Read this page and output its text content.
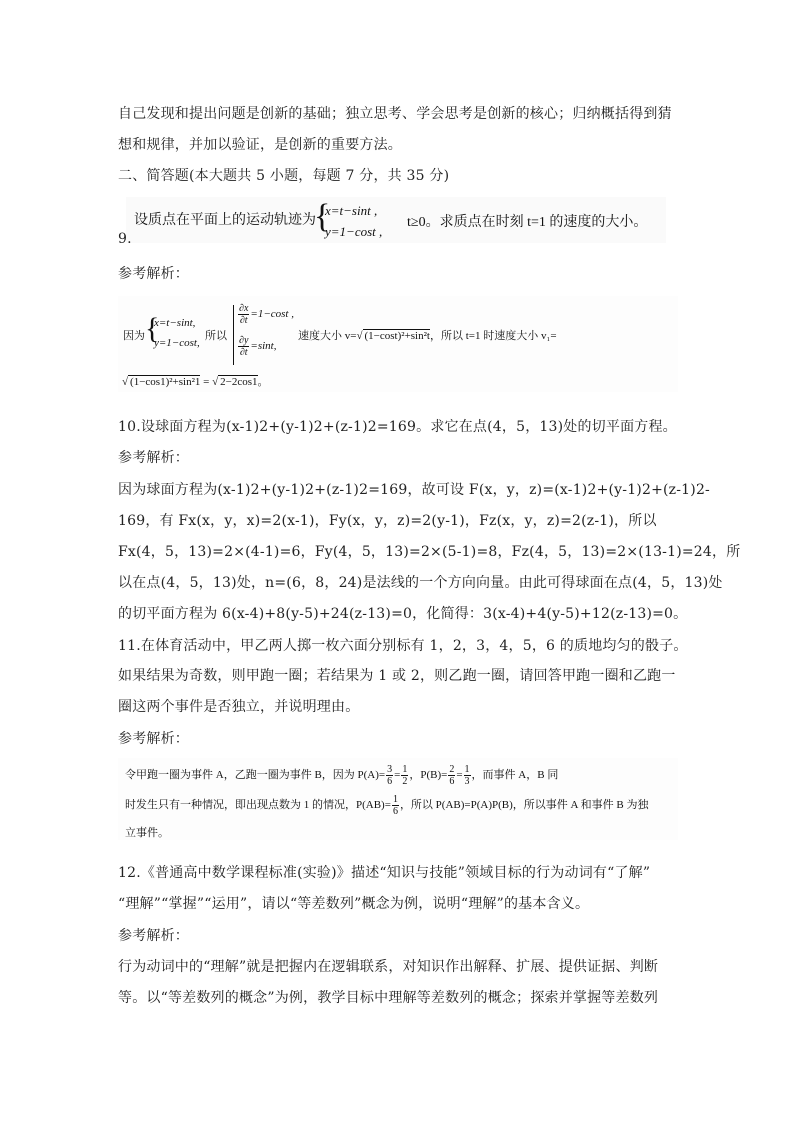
自己发现和提出问题是创新的基础；独立思考、学会思考是创新的核心；归纳概括得到猜
想和规律，并加以验证，是创新的重要方法。
二、简答题(本大题共 5 小题，每题 7 分，共 35 分)
设质点在平面上的运动轨迹为
{
x=t−sint ,
y=1−cost ,
t≥0。求质点在时刻 t=1 的速度的大小。
9.
参考解析：
因为 {
x=t−sint,
y=1−cost,
所以
$\frac{\partial x}{\partial t} =1-\cos t$ ,
$\frac{\partial y}{\partial t} =\sin t$,
速度大小 v=√ (1−cost)²+sin²t，所以 t=1 时速度大小 v₁=
√ (1−cos1)²+sin²1 = √ 2−2cos1。
10.设球面方程为(x-1)2+(y-1)2+(z-1)2=169。求它在点(4，5，13)处的切平面方程。
参考解析：
因为球面方程为(x-1)2+(y-1)2+(z-1)2=169，故可设 F(x，y，z)=(x-1)2+(y-1)2+(z-1)2-
169，有 Fx(x，y，x)=2(x-1)，Fy(x，y，z)=2(y-1)，Fz(x，y，z)=2(z-1)，所以
Fx(4，5，13)=2×(4-1)=6，Fy(4，5，13)=2×(5-1)=8，Fz(4，5，13)=2×(13-1)=24，所
以在点(4，5，13)处，n=(6，8，24)是法线的一个方向向量。由此可得球面在点(4，5，13)处
的切平面方程为 6(x-4)+8(y-5)+24(z-13)=0，化简得：3(x-4)+4(y-5)+12(z-13)=0。
11.在体育活动中，甲乙两人掷一枚六面分别标有 1，2，3，4，5，6 的质地均匀的骰子。
如果结果为奇数，则甲跑一圈；若结果为 1 或 2，则乙跑一圈，请回答甲跑一圈和乙跑一
圈这两个事件是否独立，并说明理由。
参考解析：
令甲跑一圈为事件 A，乙跑一圈为事件 B，因为 $P(A)= \frac{3}{6} = \frac{1}{2}$ ，$P(B)= \frac{2}{6} = \frac{1}{3}$ ，而事件 A，B 同
时发生只有一种情况，即出现点数为 1 的情况，$P(AB)= \frac{1}{6}$ ，所以 P(AB)=P(A)P(B)，所以事件 A 和事件 B 为独
立事件。
12.《普通高中数学课程标准(实验)》描述“知识与技能”领域目标的行为动词有“了解”
“理解”“掌握”“运用”，请以“等差数列”概念为例，说明“理解”的基本含义。
参考解析：
行为动词中的“理解”就是把握内在逻辑联系，对知识作出解释、扩展、提供证据、判断
等。以“等差数列的概念”为例，教学目标中理解等差数列的概念；探索并掌握等差数列
